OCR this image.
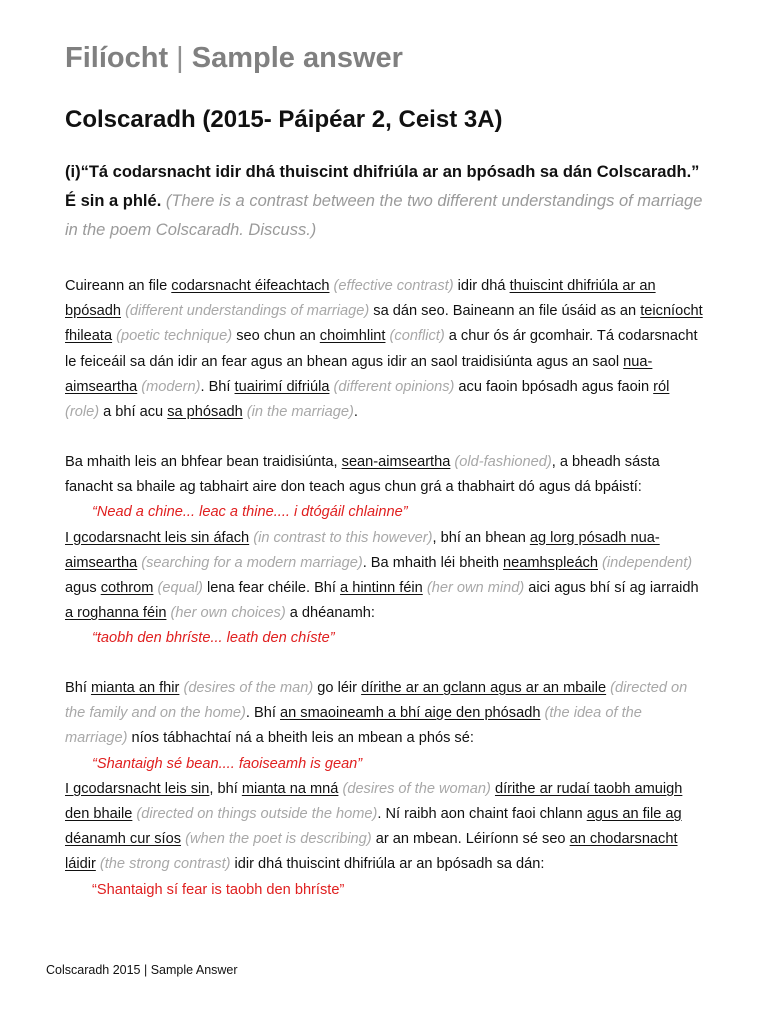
Filíocht | Sample answer
Colscaradh (2015- Páipéar 2, Ceist 3A)
(i)“Tá codarsnacht idir dhá thuiscint dhifriúla ar an bpósadh sa dán Colscaradh.” É sin a phlé. (There is a contrast between the two different understandings of marriage in the poem Colscaradh. Discuss.)
Cuireann an file codarsnacht éifeachtach (effective contrast) idir dhá thuiscint dhifriúla ar an bpósadh (different understandings of marriage) sa dán seo. Baineann an file úsáid as an teicníocht fhileata (poetic technique) seo chun an choimhlint (conflict) a chur ós ár gcomhair. Tá codarsnacht le feiceáil sa dán idir an fear agus an bhean agus idir an saol traidisiúnta agus an saol nua-aimseartha (modern). Bhí tuairimí difriúla (different opinions) acu faoin bpósadh agus faoin ról (role) a bhí acu sa phósadh (in the marriage).
Ba mhaith leis an bhfear bean traidisiúnta, sean-aimseartha (old-fashioned), a bheadh sásta fanacht sa bhaile ag tabhairt aire don teach agus chun grá a thabhairt dó agus dá bpáistí:
“Nead a chine... leac a thine.... i dtógáil chlainne”
I gcodarsnacht leis sin áfach (in contrast to this however), bhí an bhean ag lorg pósadh nua-aimseartha (searching for a modern marriage). Ba mhaith léi bheith neamhspleách (independent) agus cothrom (equal) lena fear chéile. Bhí a hintinn féin (her own mind) aici agus bhí sí ag iarraidh a roghanna féin (her own choices) a dhéanamh:
“taobh den bhríste... leath den chíste”
Bhí mianta an fhir (desires of the man) go léir dírithe ar an gclann agus ar an mbaile (directed on the family and on the home). Bhí an smaoineamh a bhí aige den phósadh (the idea of the marriage) níos tábhachtaí ná a bheith leis an mbean a phós sé:
“Shantaigh sé bean.... faoiseamh is gean”
I gcodarsnacht leis sin, bhí mianta na mná (desires of the woman) dírithe ar rudaí taobh amuigh den bhaile (directed on things outside the home). Ní raibh aon chaint faoi chlann agus an file ag déanamh cur síos (when the poet is describing) ar an mbean. Léiríonn sé seo an chodarsnacht láidir (the strong contrast) idir dhá thuiscint dhifriúla ar an bpósadh sa dán:
“Shantaigh sí fear is taobh den bhríste”
Colscaradh 2015 | Sample Answer
